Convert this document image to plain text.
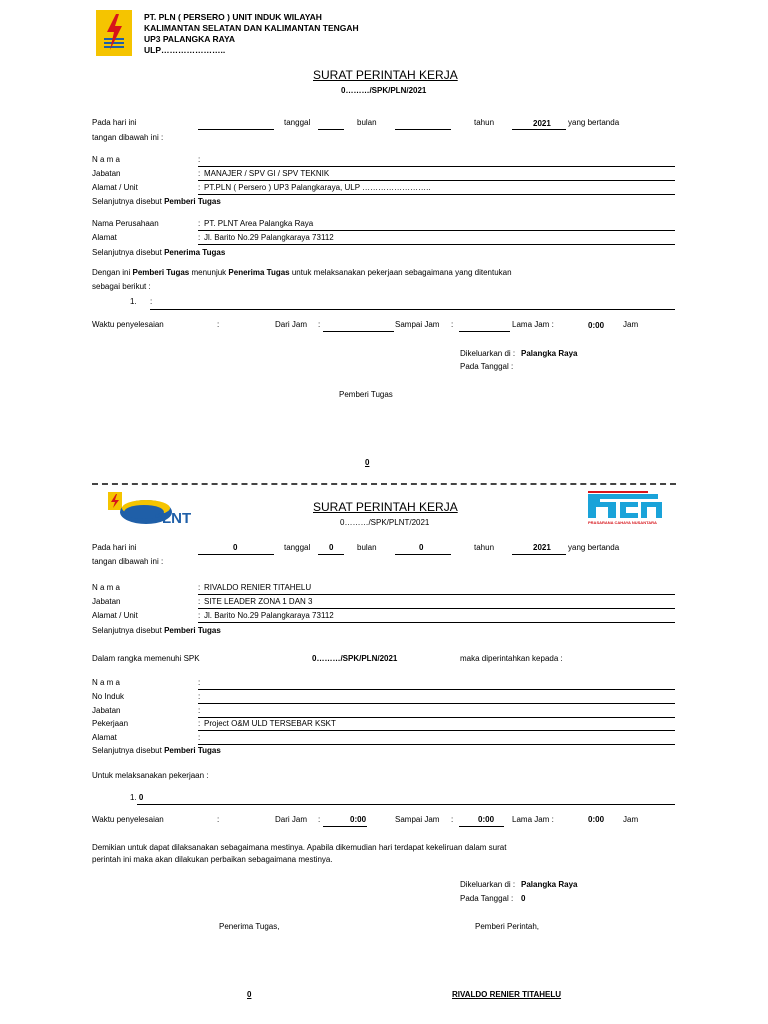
PT. PLN ( PERSERO ) UNIT INDUK WILAYAH
KALIMANTAN SELATAN DAN KALIMANTAN TENGAH
UP3 PALANGKA RAYA
ULP…………………..
SURAT PERINTAH KERJA
0………/SPK/PLN/2021
Pada hari ini	tanggal	bulan	tahun	2021 yang bertanda
tangan dibawah ini :
N a m a	:
Jabatan	: MANAJER / SPV GI / SPV TEKNIK
Alamat / Unit	: PT.PLN ( Persero ) UP3 Palangkaraya, ULP ……………………..
Selanjutnya disebut Pemberi Tugas
Nama Perusahaan	: PT. PLNT Area Palangka Raya
Alamat	: Jl. Barito No.29 Palangkaraya 73112
Selanjutnya disebut Penerima Tugas
Dengan ini Pemberi Tugas menunjuk Penerima Tugas untuk melaksanakan pekerjaan sebagaimana yang ditentukan
sebagai berikut :
1. :
Waktu penyelesaian	:	Dari Jam :	Sampai Jam :	Lama Jam :	0:00 Jam
Dikeluarkan di : Palangka Raya
Pada Tanggal :
Pemberi Tugas
0
PLNT	PRASARANA CAHAYA NUSANTARA
SURAT PERINTAH KERJA
0………/SPK/PLNT/2021
Pada hari ini	0	tanggal 0	bulan	0	tahun	2021 yang bertanda
tangan dibawah ini :
N a m a	: RIVALDO RENIER TITAHELU
Jabatan	: SITE LEADER ZONA 1 DAN 3
Alamat / Unit	: Jl. Barito No.29 Palangkaraya 73112
Selanjutnya disebut Pemberi Tugas
Dalam rangka memenuhi SPK	0………/SPK/PLN/2021	maka diperintahkan kepada :
N a m a	:
No Induk	:
Jabatan	:
Pekerjaan	: Project O&M ULD TERSEBAR KSKT
Alamat	:
Selanjutnya disebut Pemberi Tugas
Untuk melaksanakan pekerjaan :
1. 0
Waktu penyelesaian	:	Dari Jam :	0:00	Sampai Jam :	0:00 Lama Jam :	0:00 Jam
Demikian untuk dapat dilaksanakan sebagaimana mestinya. Apabila dikemudian hari terdapat kekeliruan dalam surat
perintah ini maka akan dilakukan perbaikan sebagaimana mestinya.
Dikeluarkan di : Palangka Raya
Pada Tanggal : 0
Penerima Tugas,	Pemberi Perintah,
0	RIVALDO RENIER TITAHELU
